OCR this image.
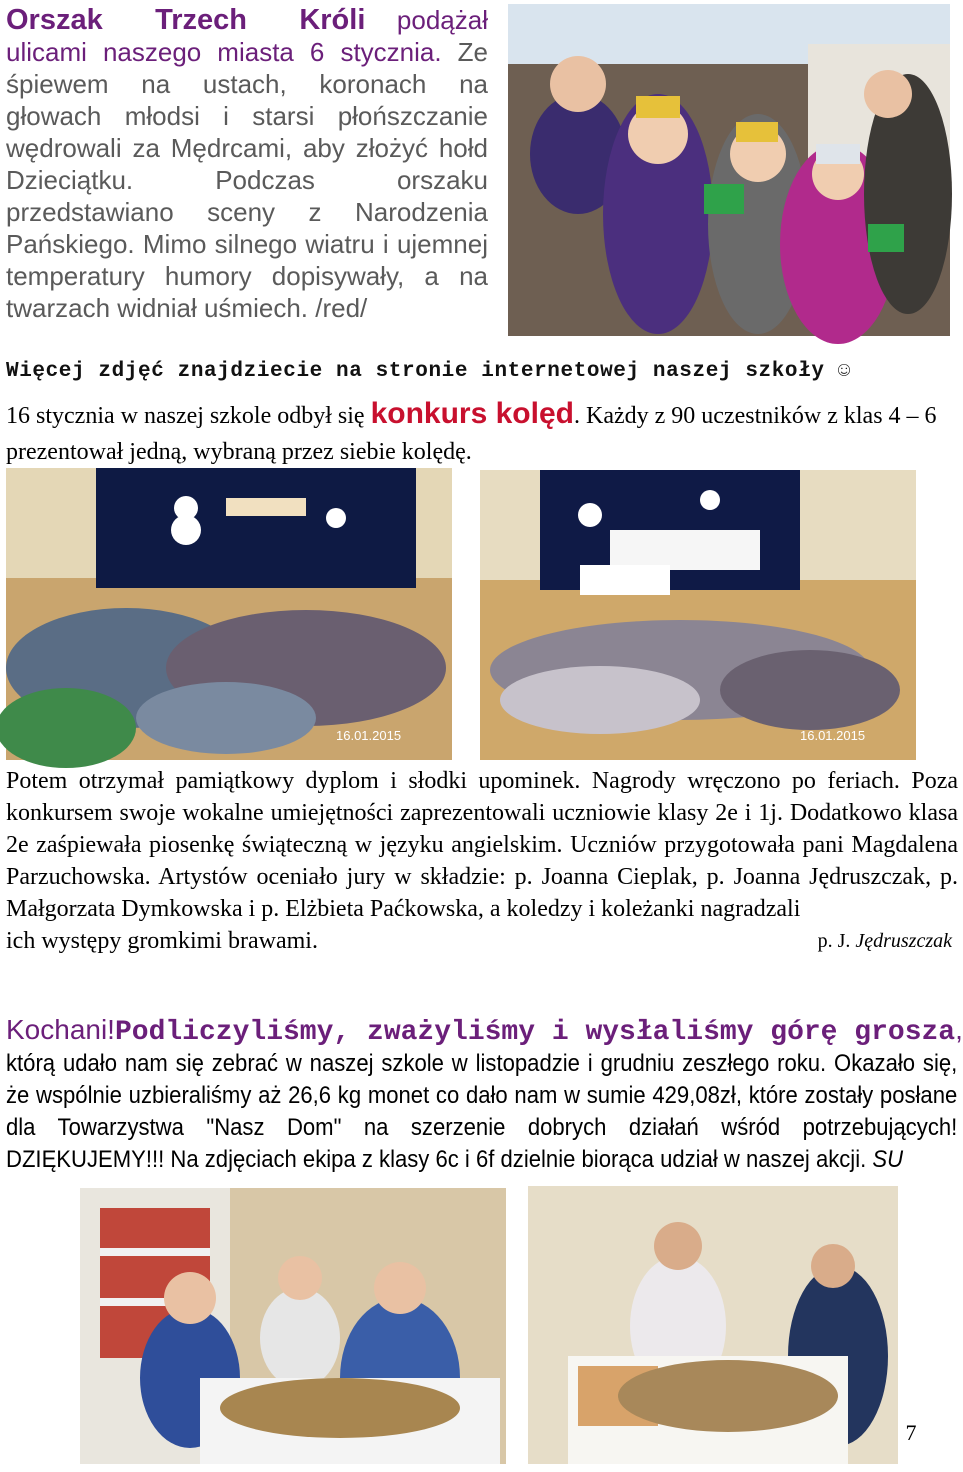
Orszak Trzech Króli podążał ulicami naszego miasta 6 stycznia. Ze śpiewem na ustach, koronach na głowach młodsi i starsi płońszczanie wędrowali za Mędrcami, aby złożyć hołd Dzieciątku. Podczas orszaku przedstawiano sceny z Narodzenia Pańskiego. Mimo silnego wiatru i ujemnej temperatury humory dopisywały, a na twarzach widniał uśmiech. /red/
Więcej zdjęć znajdziecie na stronie internetowej naszej szkoły ☺
16 stycznia w naszej szkole odbył się konkurs kolęd. Każdy z 90 uczestników z klas 4 – 6 prezentował jedną, wybraną przez siebie kolędę.
16.01.2015	16.01.2015
Potem otrzymał pamiątkowy dyplom i słodki upominek. Nagrody wręczono po feriach. Poza konkursem swoje wokalne umiejętności zaprezentowali uczniowie klasy 2e i 1j. Dodatkowo klasa 2e zaśpiewała piosenkę świąteczną w języku angielskim. Uczniów przygotowała pani Magdalena Parzuchowska. Artystów oceniało jury w składzie: p. Joanna Cieplak, p. Joanna Jędruszczak, p. Małgorzata Dymkowska i p. Elżbieta Paćkowska, a koledzy i koleżanki nagradzali
ich występy gromkimi brawami.	p. J. Jędruszczak
Kochani!Podliczyliśmy, zważyliśmy i wysłaliśmy górę grosza,
którą udało nam się zebrać w naszej szkole w listopadzie i grudniu zeszłego roku. Okazało się, że wspólnie uzbieraliśmy aż 26,6 kg monet co dało nam w sumie 429,08zł, które zostały posłane dla Towarzystwa "Nasz Dom" na szerzenie dobrych działań wśród potrzebujących! DZIĘKUJEMY!!! Na zdjęciach ekipa z klasy 6c i 6f dzielnie biorąca udział w naszej akcji. SU
7
